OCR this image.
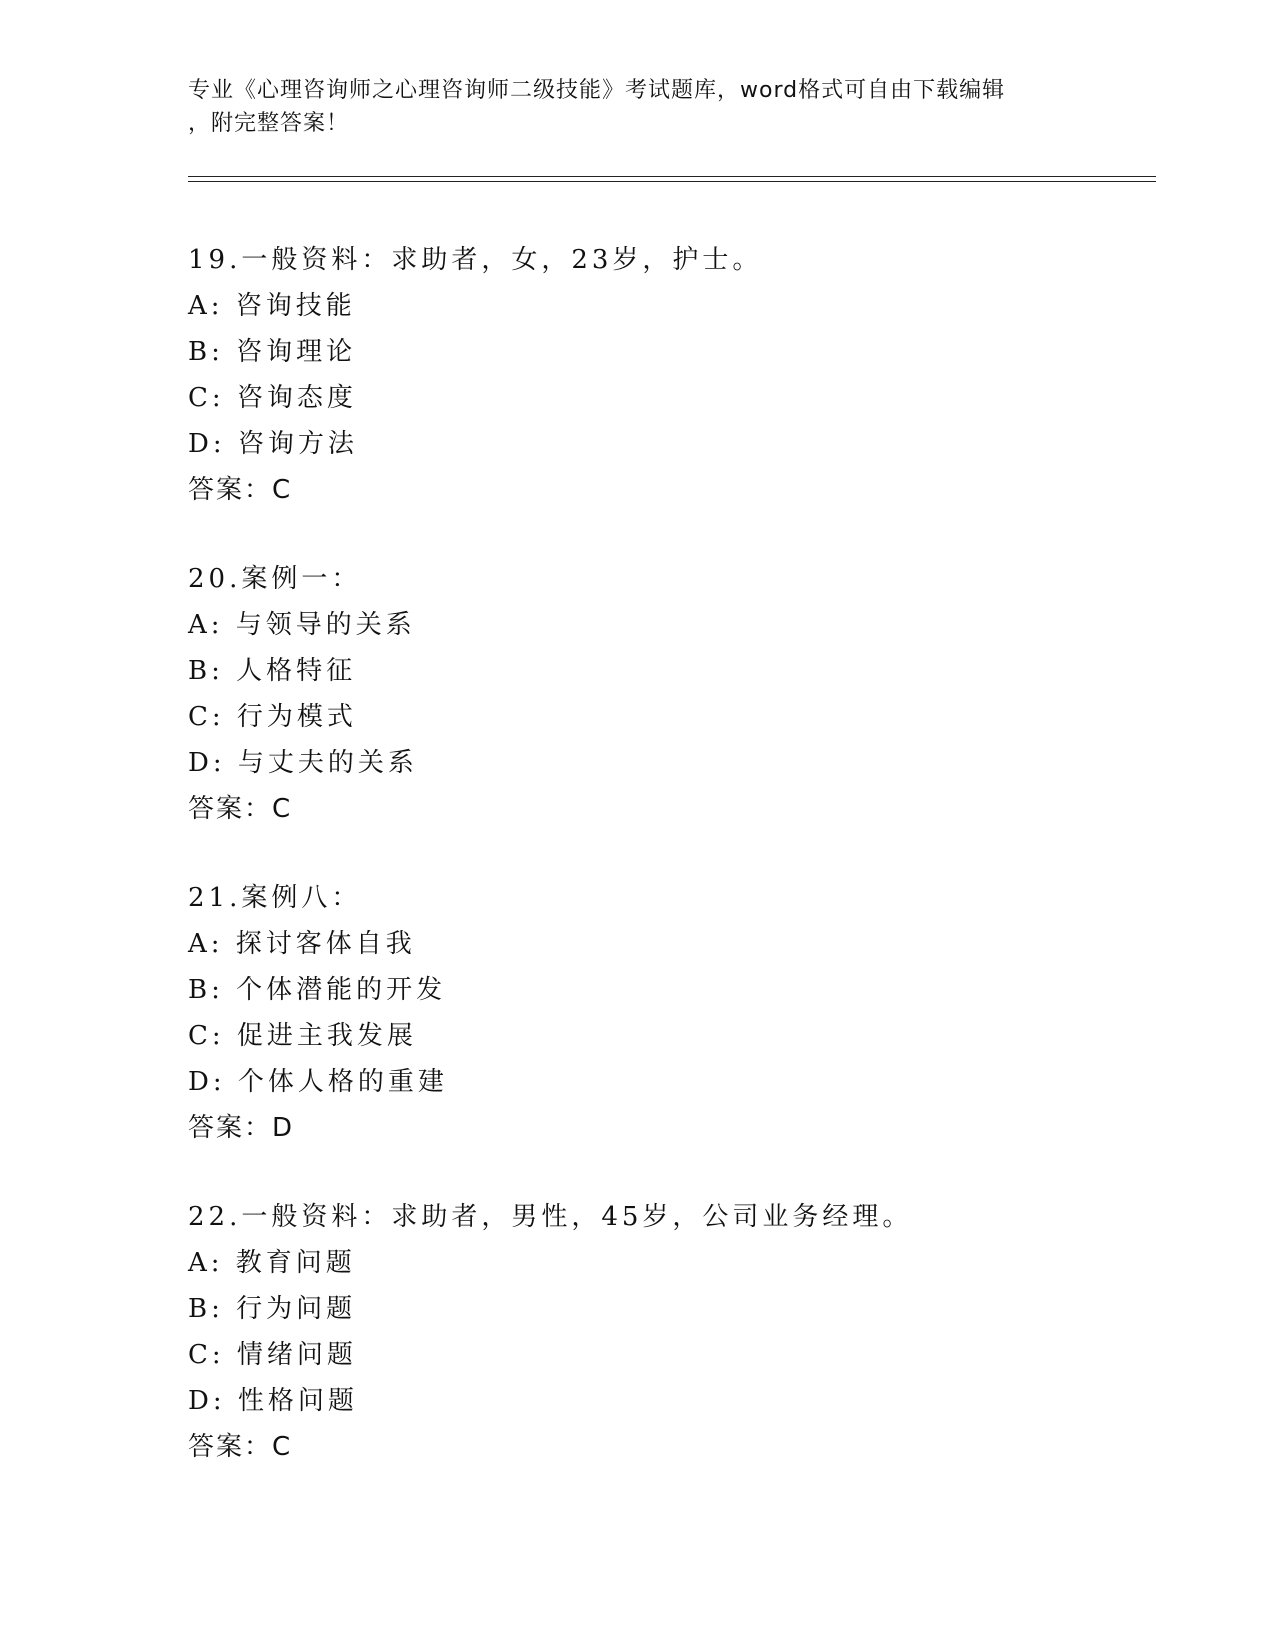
专业《心理咨询师之心理咨询师二级技能》考试题库，word格式可自由下载编辑

，附完整答案！

19.一般资料：求助者，女，23岁，护士。
A: 咨询技能
B: 咨询理论
C: 咨询态度
D: 咨询方法
答案：C
20.案例一：
A: 与领导的关系
B: 人格特征
C: 行为模式
D: 与丈夫的关系
答案：C
21.案例八：
A: 探讨客体自我
B: 个体潜能的开发
C: 促进主我发展
D: 个体人格的重建
答案：D
22.一般资料：求助者，男性，45岁，公司业务经理。
A: 教育问题
B: 行为问题
C: 情绪问题
D: 性格问题
答案：C
